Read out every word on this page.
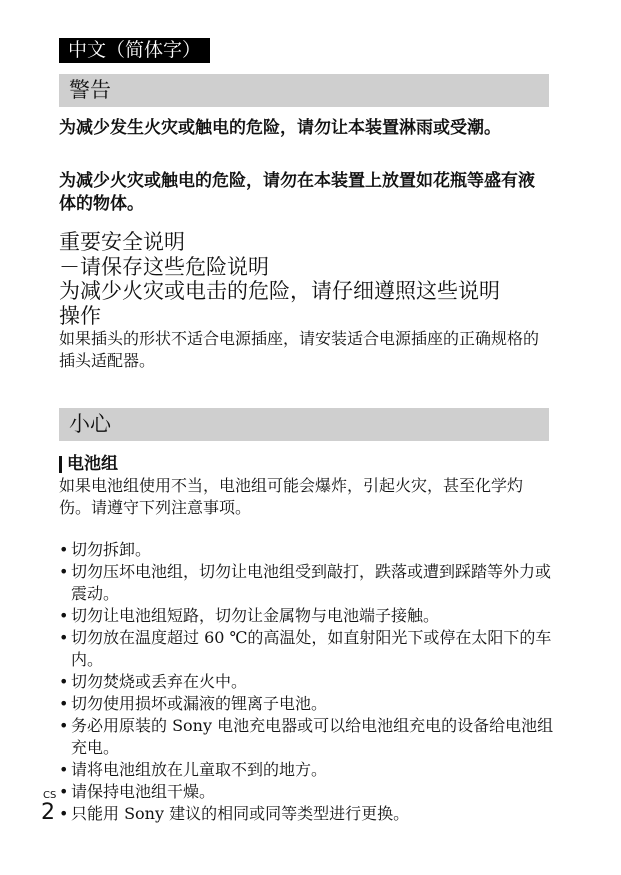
中文（简体字）
警告

为减少发生火灾或触电的危险，请勿让本装置淋雨或受潮。

为减少火灾或触电的危险，请勿在本装置上放置如花瓶等盛有液体的物体。

重要安全说明
－请保存这些危险说明
为减少火灾或电击的危险，请仔细遵照这些说明
操作

如果插头的形状不适合电源插座，请安装适合电源插座的正确规格的插头适配器。

小心
电池组

如果电池组使用不当，电池组可能会爆炸，引起火灾，甚至化学灼伤。请遵守下列注意事项。

• 切勿拆卸。
• 切勿压坏电池组，切勿让电池组受到敲打，跌落或遭到踩踏等外力或震动。
• 切勿让电池组短路，切勿让金属物与电池端子接触。
• 切勿放在温度超过 60 ℃的高温处，如直射阳光下或停在太阳下的车内。
• 切勿焚烧或丢弃在火中。
• 切勿使用损坏或漏液的锂离子电池。
• 务必用原装的 Sony 电池充电器或可以给电池组充电的设备给电池组充电。
• 请将电池组放在儿童取不到的地方。
• 请保持电池组干燥。
• 只能用 Sony 建议的相同或同等类型进行更换。
CS
2
